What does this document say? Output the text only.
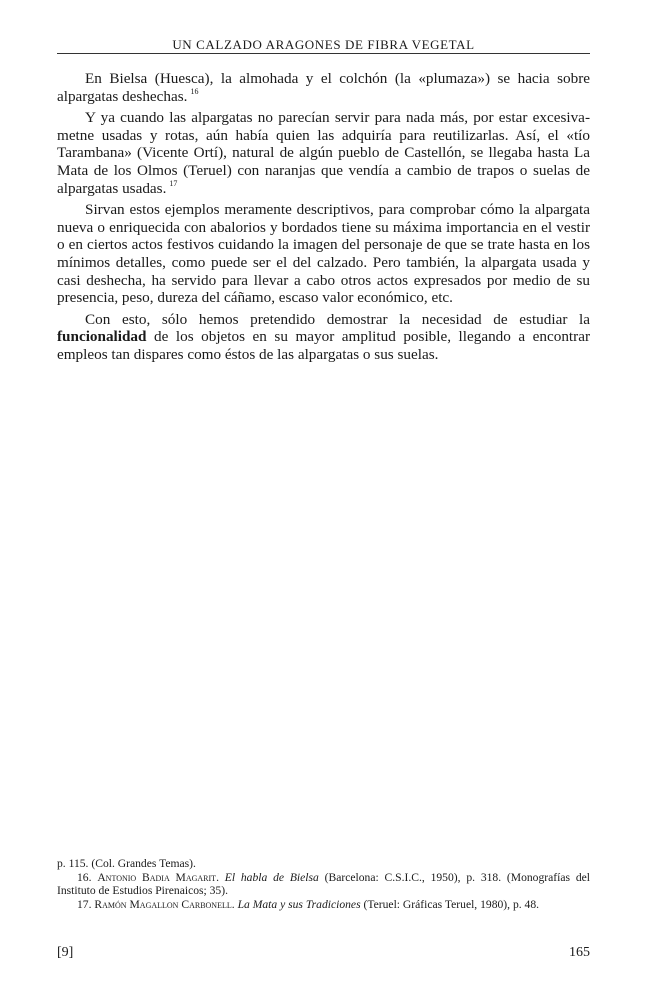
UN CALZADO ARAGONES DE FIBRA VEGETAL

En Bielsa (Huesca), la almohada y el colchón (la «plumaza») se hacia sobre alpargatas deshechas. $^{16}$

Y ya cuando las alpargatas no parecían servir para nada más, por estar excesivametne usadas y rotas, aún había quien las adquiría para reutilizarlas. Así, el «tío Tarambana» (Vicente Ortí), natural de algún pueblo de Castellón, se llegaba hasta La Mata de los Olmos (Teruel) con naranjas que vendía a cambio de trapos o suelas de alpargatas usadas. $^{17}$

Sirvan estos ejemplos meramente descriptivos, para comprobar cómo la alpargata nueva o enriquecida con abalorios y bordados tiene su máxima importancia en el vestir o en ciertos actos festivos cuidando la imagen del personaje de que se trate hasta en los mínimos detalles, como puede ser el del calzado. Pero también, la alpargata usada y casi deshecha, ha servido para llevar a cabo otros actos expresados por medio de su presencia, peso, dureza del cáñamo, escaso valor económico, etc.

Con esto, sólo hemos pretendido demostrar la necesidad de estudiar la funcionalidad de los objetos en su mayor amplitud posible, llegando a encontrar empleos tan dispares como éstos de las alpargatas o sus suelas.

p. 115. (Col. Grandes Temas).

16. Antonio Badia Magarit. El habla de Bielsa (Barcelona: C.S.I.C., 1950), p. 318. (Monografías del Instituto de Estudios Pirenaicos; 35).

17. Ramón Magallon Carbonell. La Mata y sus Tradiciones (Teruel: Gráficas Teruel, 1980), p. 48.

[9]	165
